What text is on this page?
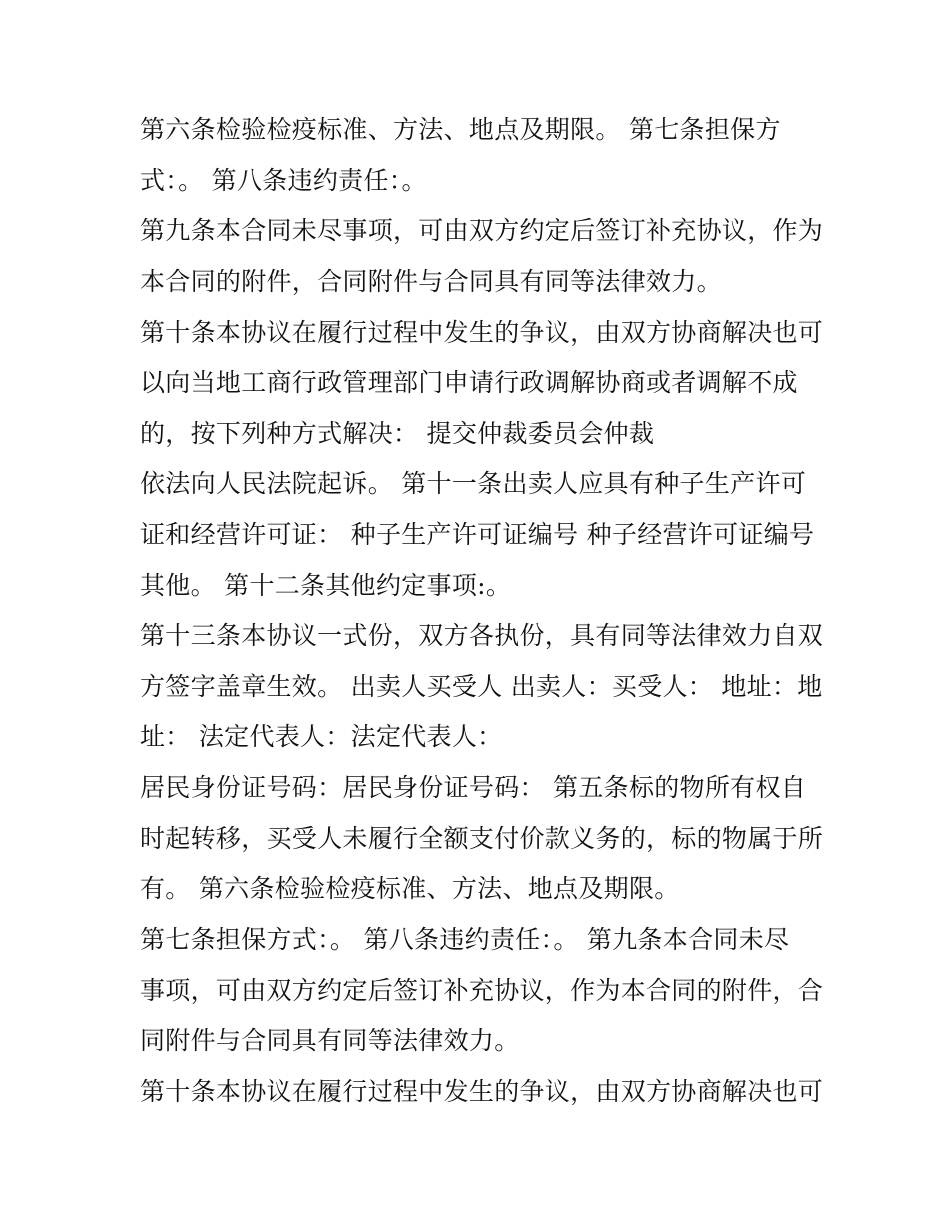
第六条检验检疫标准、方法、地点及期限。 第七条担保方
式：。 第八条违约责任：。
第九条本合同未尽事项，可由双方约定后签订补充协议，作为
本合同的附件，合同附件与合同具有同等法律效力。
第十条本协议在履行过程中发生的争议，由双方协商解决也可
以向当地工商行政管理部门申请行政调解协商或者调解不成
的，按下列种方式解决： 提交仲裁委员会仲裁
依法向人民法院起诉。 第十一条出卖人应具有种子生产许可
证和经营许可证： 种子生产许可证编号 种子经营许可证编号
其他。 第十二条其他约定事项:。
第十三条本协议一式份，双方各执份，具有同等法律效力自双
方签字盖章生效。 出卖人买受人 出卖人：买受人： 地址：地
址： 法定代表人：法定代表人：
居民身份证号码：居民身份证号码： 第五条标的物所有权自
时起转移，买受人未履行全额支付价款义务的，标的物属于所
有。 第六条检验检疫标准、方法、地点及期限。
第七条担保方式：。 第八条违约责任：。 第九条本合同未尽
事项，可由双方约定后签订补充协议，作为本合同的附件，合
同附件与合同具有同等法律效力。
第十条本协议在履行过程中发生的争议，由双方协商解决也可
